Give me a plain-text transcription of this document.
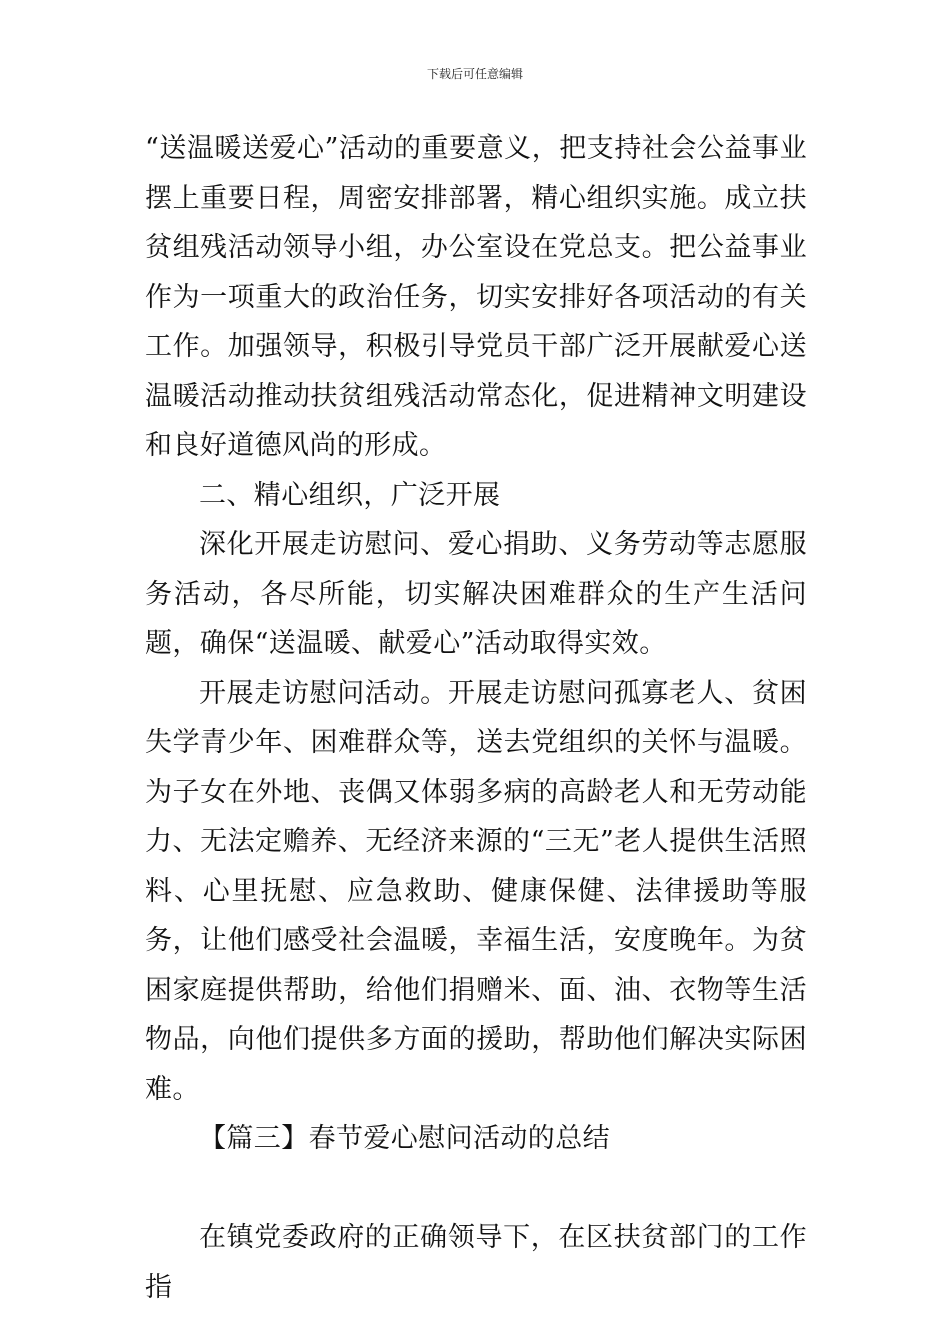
下载后可任意编辑

“送温暖送爱心”活动的重要意义，把支持社会公益事业摆上重要日程，周密安排部署，精心组织实施。成立扶贫组残活动领导小组，办公室设在党总支。把公益事业作为一项重大的政治任务，切实安排好各项活动的有关工作。加强领导，积极引导党员干部广泛开展献爱心送温暖活动推动扶贫组残活动常态化，促进精神文明建设和良好道德风尚的形成。

二、精心组织，广泛开展

深化开展走访慰问、爱心捐助、义务劳动等志愿服务活动，各尽所能，切实解决困难群众的生产生活问题，确保“送温暖、献爱心”活动取得实效。

开展走访慰问活动。开展走访慰问孤寡老人、贫困失学青少年、困难群众等，送去党组织的关怀与温暖。为子女在外地、丧偶又体弱多病的高龄老人和无劳动能力、无法定赡养、无经济来源的“三无”老人提供生活照料、心里抚慰、应急救助、健康保健、法律援助等服务，让他们感受社会温暖，幸福生活，安度晚年。为贫困家庭提供帮助，给他们捐赠米、面、油、衣物等生活物品，向他们提供多方面的援助，帮助他们解决实际困难。

【篇三】春节爱心慰问活动的总结

在镇党委政府的正确领导下，在区扶贫部门的工作指
